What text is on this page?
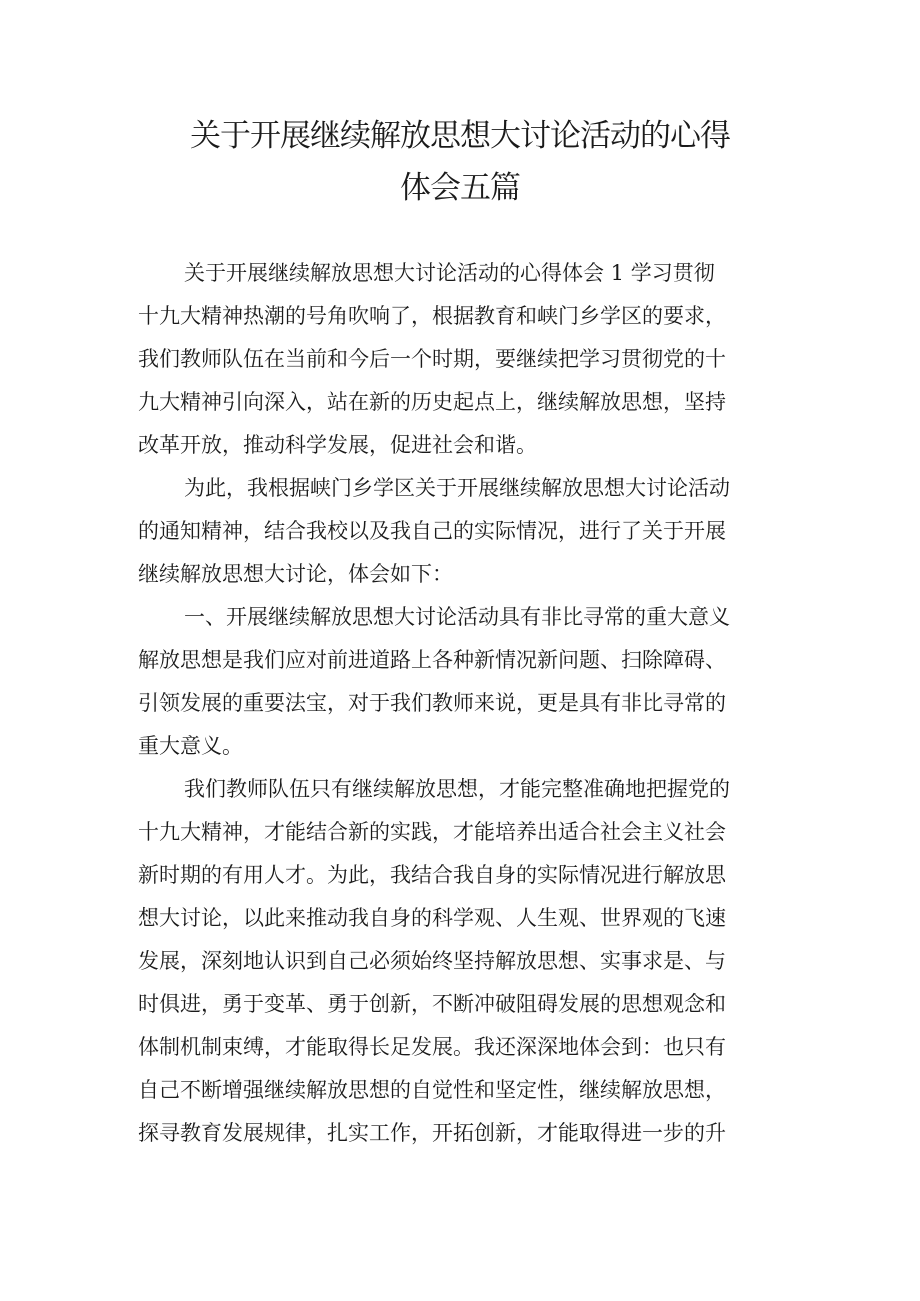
关于开展继续解放思想大讨论活动的心得
体会五篇
关于开展继续解放思想大讨论活动的心得体会 1 学习贯彻
十九大精神热潮的号角吹响了，根据教育和峡门乡学区的要求，
我们教师队伍在当前和今后一个时期，要继续把学习贯彻党的十
九大精神引向深入，站在新的历史起点上，继续解放思想，坚持
改革开放，推动科学发展，促进社会和谐。
为此，我根据峡门乡学区关于开展继续解放思想大讨论活动
的通知精神，结合我校以及我自己的实际情况，进行了关于开展
继续解放思想大讨论，体会如下：
一、开展继续解放思想大讨论活动具有非比寻常的重大意义
解放思想是我们应对前进道路上各种新情况新问题、扫除障碍、
引领发展的重要法宝，对于我们教师来说，更是具有非比寻常的
重大意义。
我们教师队伍只有继续解放思想，才能完整准确地把握党的
十九大精神，才能结合新的实践，才能培养出适合社会主义社会
新时期的有用人才。为此，我结合我自身的实际情况进行解放思
想大讨论，以此来推动我自身的科学观、人生观、世界观的飞速
发展，深刻地认识到自己必须始终坚持解放思想、实事求是、与
时俱进，勇于变革、勇于创新，不断冲破阻碍发展的思想观念和
体制机制束缚，才能取得长足发展。我还深深地体会到：也只有
自己不断增强继续解放思想的自觉性和坚定性，继续解放思想，
探寻教育发展规律，扎实工作，开拓创新，才能取得进一步的升
